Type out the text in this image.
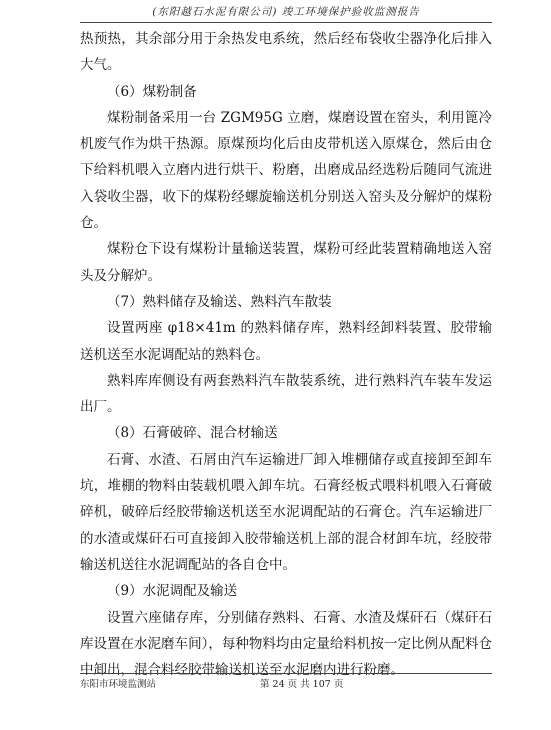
(东阳越石水泥有限公司) 竣工环境保护验收监测报告

热预热，其余部分用于余热发电系统，然后经布袋收尘器净化后排入大气。

（6）煤粉制备

煤粉制备采用一台 ZGM95G 立磨，煤磨设置在窑头，利用篦冷机废气作为烘干热源。原煤预均化后由皮带机送入原煤仓，然后由仓下给料机喂入立磨内进行烘干、粉磨，出磨成品经选粉后随同气流进入袋收尘器，收下的煤粉经螺旋输送机分别送入窑头及分解炉的煤粉仓。

煤粉仓下设有煤粉计量输送装置，煤粉可经此装置精确地送入窑头及分解炉。

（7）熟料储存及输送、熟料汽车散装

设置两座 φ18×41m 的熟料储存库，熟料经卸料装置、胶带输送机送至水泥调配站的熟料仓。

熟料库库侧设有两套熟料汽车散装系统，进行熟料汽车装车发运出厂。

（8）石膏破碎、混合材输送

石膏、水渣、石屑由汽车运输进厂卸入堆棚储存或直接卸至卸车坑，堆棚的物料由装载机喂入卸车坑。石膏经板式喂料机喂入石膏破碎机，破碎后经胶带输送机送至水泥调配站的石膏仓。汽车运输进厂的水渣或煤矸石可直接卸入胶带输送机上部的混合材卸车坑，经胶带输送机送往水泥调配站的各自仓中。

（9）水泥调配及输送

设置六座储存库，分别储存熟料、石膏、水渣及煤矸石（煤矸石库设置在水泥磨车间），每种物料均由定量给料机按一定比例从配料仓中卸出，混合料经胶带输送机送至水泥磨内进行粉磨。

东阳市环境监测站	第 24 页 共 107 页
